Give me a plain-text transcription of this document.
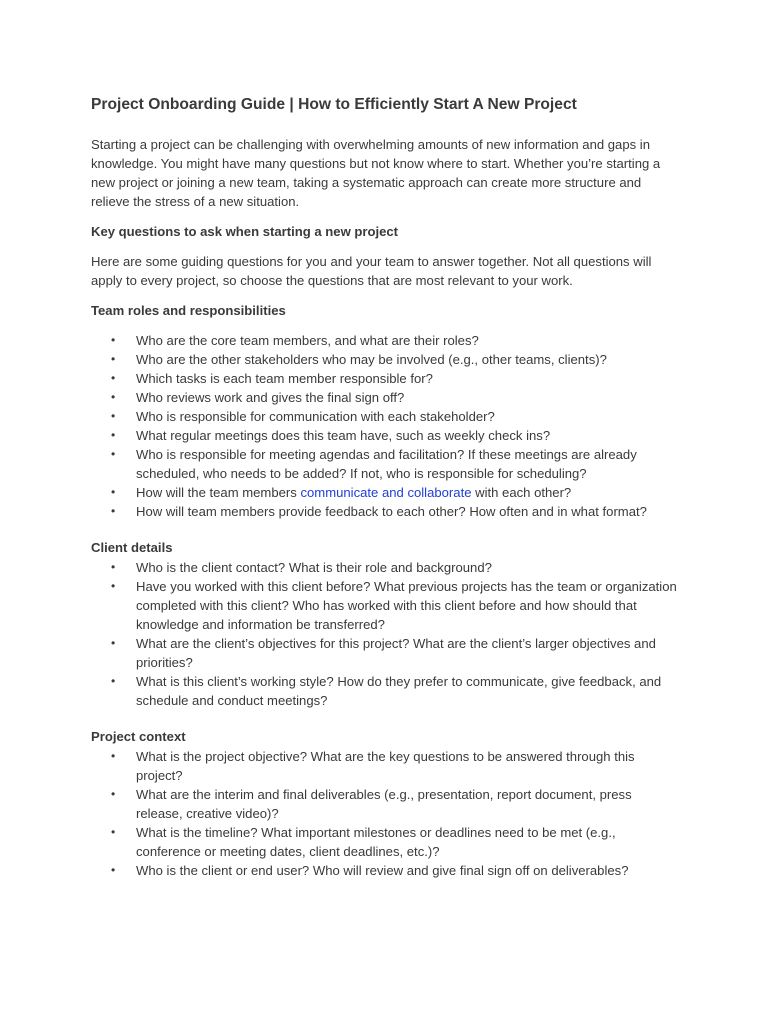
Project Onboarding Guide | How to Efficiently Start A New Project
Starting a project can be challenging with overwhelming amounts of new information and gaps in knowledge. You might have many questions but not know where to start. Whether you’re starting a new project or joining a new team, taking a systematic approach can create more structure and relieve the stress of a new situation.
Key questions to ask when starting a new project
Here are some guiding questions for you and your team to answer together. Not all questions will apply to every project, so choose the questions that are most relevant to your work.
Team roles and responsibilities
• Who are the core team members, and what are their roles?
• Who are the other stakeholders who may be involved (e.g., other teams, clients)?
• Which tasks is each team member responsible for?
• Who reviews work and gives the final sign off?
• Who is responsible for communication with each stakeholder?
• What regular meetings does this team have, such as weekly check ins?
• Who is responsible for meeting agendas and facilitation? If these meetings are already scheduled, who needs to be added? If not, who is responsible for scheduling?
• How will the team members communicate and collaborate with each other?
• How will team members provide feedback to each other? How often and in what format?
Client details
• Who is the client contact? What is their role and background?
• Have you worked with this client before? What previous projects has the team or organization completed with this client? Who has worked with this client before and how should that knowledge and information be transferred?
• What are the client’s objectives for this project? What are the client’s larger objectives and priorities?
• What is this client’s working style? How do they prefer to communicate, give feedback, and schedule and conduct meetings?
Project context
• What is the project objective? What are the key questions to be answered through this project?
• What are the interim and final deliverables (e.g., presentation, report document, press release, creative video)?
• What is the timeline? What important milestones or deadlines need to be met (e.g., conference or meeting dates, client deadlines, etc.)?
• Who is the client or end user? Who will review and give final sign off on deliverables?
